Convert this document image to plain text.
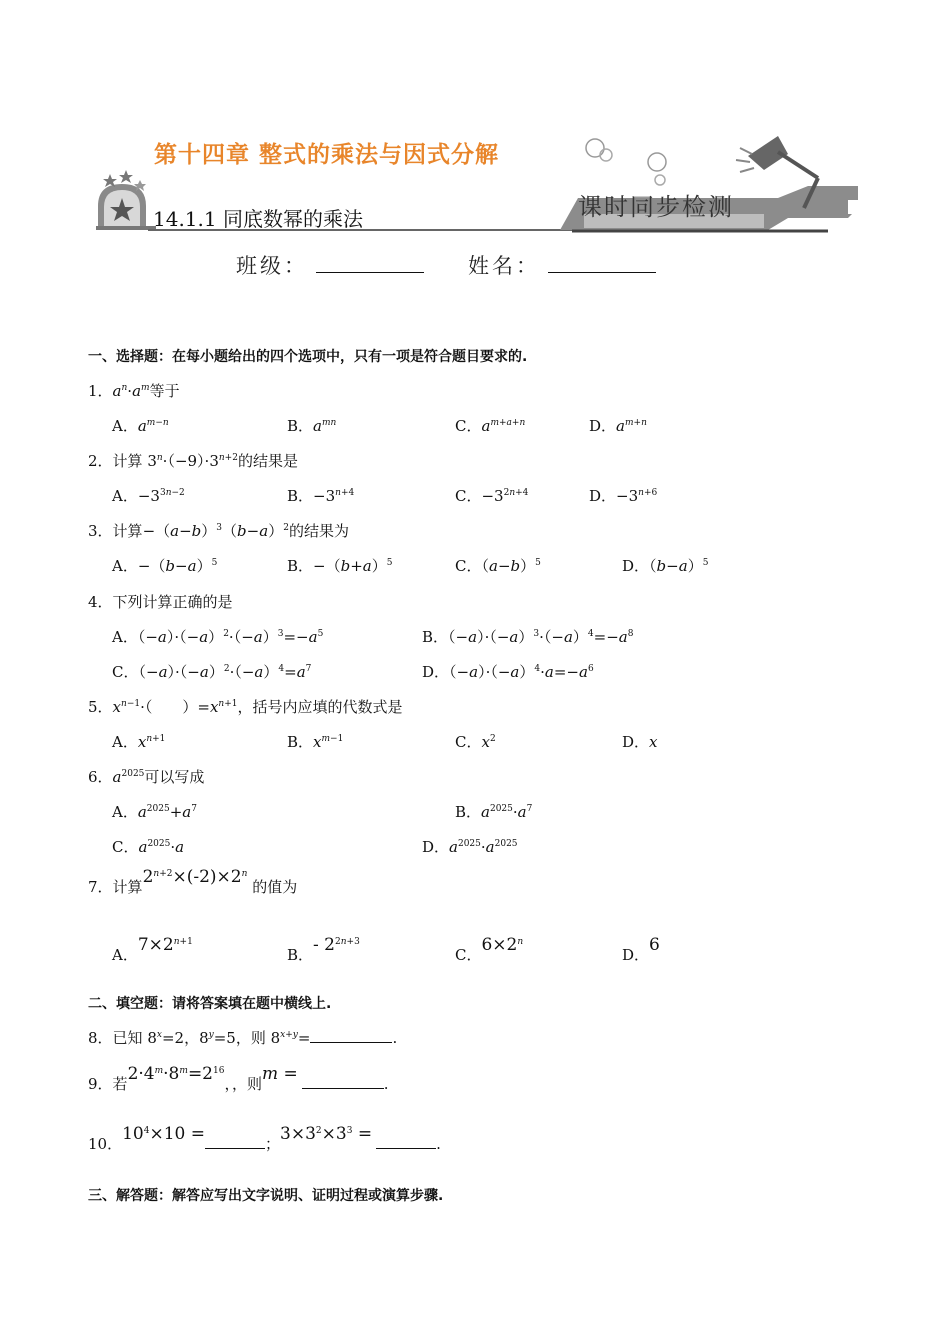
第十四章 整式的乘法与因式分解
14.1.1 同底数幂的乘法	课时同步检测
班级：	姓名：
一、选择题：在每小题给出的四个选项中，只有一项是符合题目要求的.
1．$a^n\cdot a^m$等于
A．$a^{m-n}$	B．$a^{mn}$	C．$a^{m+a+n}$	D．$a^{m+n}$
2．计算 $3^n\cdot(-9)\cdot 3^{n+2}$的结果是
A．$-3^{3n-2}$	B．$-3^{n+4}$	C．$-3^{2n+4}$	D．$-3^{n+6}$
3．计算$-(a-b)^3(b-a)^2$的结果为
A．$-(b-a)^5$	B．$-(b+a)^5$	C．$(a-b)^5$	D．$(b-a)^5$
4．下列计算正确的是
A．$(-a)\cdot(-a)^2\cdot(-a)^3=-a^5$	B．$(-a)\cdot(-a)^3\cdot(-a)^4=-a^8$
C．$(-a)\cdot(-a)^2\cdot(-a)^4=a^7$	D．$(-a)\cdot(-a)^4\cdot a=-a^6$
5．$x^{n-1}\cdot$（　　）$=x^{n+1}$，括号内应填的代数式是
A．$x^{n+1}$	B．$x^{m-1}$	C．$x^2$	D．x
6．$a^{2025}$可以写成
A．$a^{2025}+a^7$	B．$a^{2025}\cdot a^7$
C．$a^{2025}\cdot a$	D．$a^{2025}\cdot a^{2025}$
7．计算$2^{n+2}\times(-2)\times 2^n$ 的值为
A．$7\times 2^{n+1}$
B．- $2^{2n+3}$
C．$6\times 2^n$
D．6
二、填空题：请将答案填在题中横线上.
8．已知 $8^x=2$，$8^y=5$，则 $8^{x+y}=$	.
9．若$2\cdot 4^m\cdot 8^m=2^{16}$，，则m =	.
10．$10^4\times 10$ =	；$3\times 3^2\times 3^3$ =	.
三、解答题：解答应写出文字说明、证明过程或演算步骤.
